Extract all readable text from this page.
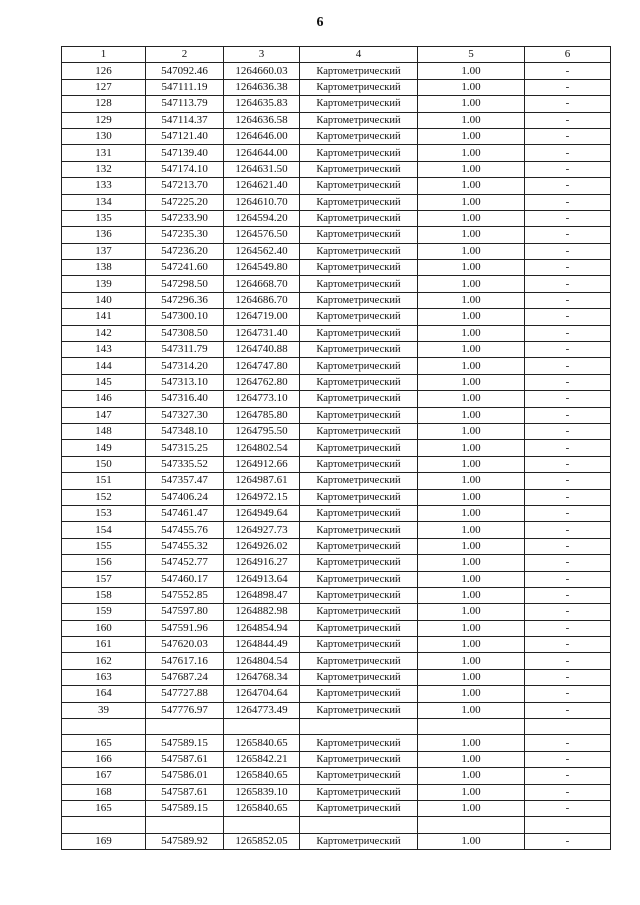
6
1	2	3	4	5	6
126	547092.46	1264660.03	Картометрический	1.00	-
127	547111.19	1264636.38	Картометрический	1.00	-
128	547113.79	1264635.83	Картометрический	1.00	-
129	547114.37	1264636.58	Картометрический	1.00	-
130	547121.40	1264646.00	Картометрический	1.00	-
131	547139.40	1264644.00	Картометрический	1.00	-
132	547174.10	1264631.50	Картометрический	1.00	-
133	547213.70	1264621.40	Картометрический	1.00	-
134	547225.20	1264610.70	Картометрический	1.00	-
135	547233.90	1264594.20	Картометрический	1.00	-
136	547235.30	1264576.50	Картометрический	1.00	-
137	547236.20	1264562.40	Картометрический	1.00	-
138	547241.60	1264549.80	Картометрический	1.00	-
139	547298.50	1264668.70	Картометрический	1.00	-
140	547296.36	1264686.70	Картометрический	1.00	-
141	547300.10	1264719.00	Картометрический	1.00	-
142	547308.50	1264731.40	Картометрический	1.00	-
143	547311.79	1264740.88	Картометрический	1.00	-
144	547314.20	1264747.80	Картометрический	1.00	-
145	547313.10	1264762.80	Картометрический	1.00	-
146	547316.40	1264773.10	Картометрический	1.00	-
147	547327.30	1264785.80	Картометрический	1.00	-
148	547348.10	1264795.50	Картометрический	1.00	-
149	547315.25	1264802.54	Картометрический	1.00	-
150	547335.52	1264912.66	Картометрический	1.00	-
151	547357.47	1264987.61	Картометрический	1.00	-
152	547406.24	1264972.15	Картометрический	1.00	-
153	547461.47	1264949.64	Картометрический	1.00	-
154	547455.76	1264927.73	Картометрический	1.00	-
155	547455.32	1264926.02	Картометрический	1.00	-
156	547452.77	1264916.27	Картометрический	1.00	-
157	547460.17	1264913.64	Картометрический	1.00	-
158	547552.85	1264898.47	Картометрический	1.00	-
159	547597.80	1264882.98	Картометрический	1.00	-
160	547591.96	1264854.94	Картометрический	1.00	-
161	547620.03	1264844.49	Картометрический	1.00	-
162	547617.16	1264804.54	Картометрический	1.00	-
163	547687.24	1264768.34	Картометрический	1.00	-
164	547727.88	1264704.64	Картометрический	1.00	-
39	547776.97	1264773.49	Картометрический	1.00	-

165	547589.15	1265840.65	Картометрический	1.00	-
166	547587.61	1265842.21	Картометрический	1.00	-
167	547586.01	1265840.65	Картометрический	1.00	-
168	547587.61	1265839.10	Картометрический	1.00	-
165	547589.15	1265840.65	Картометрический	1.00	-

169	547589.92	1265852.05	Картометрический	1.00	-
